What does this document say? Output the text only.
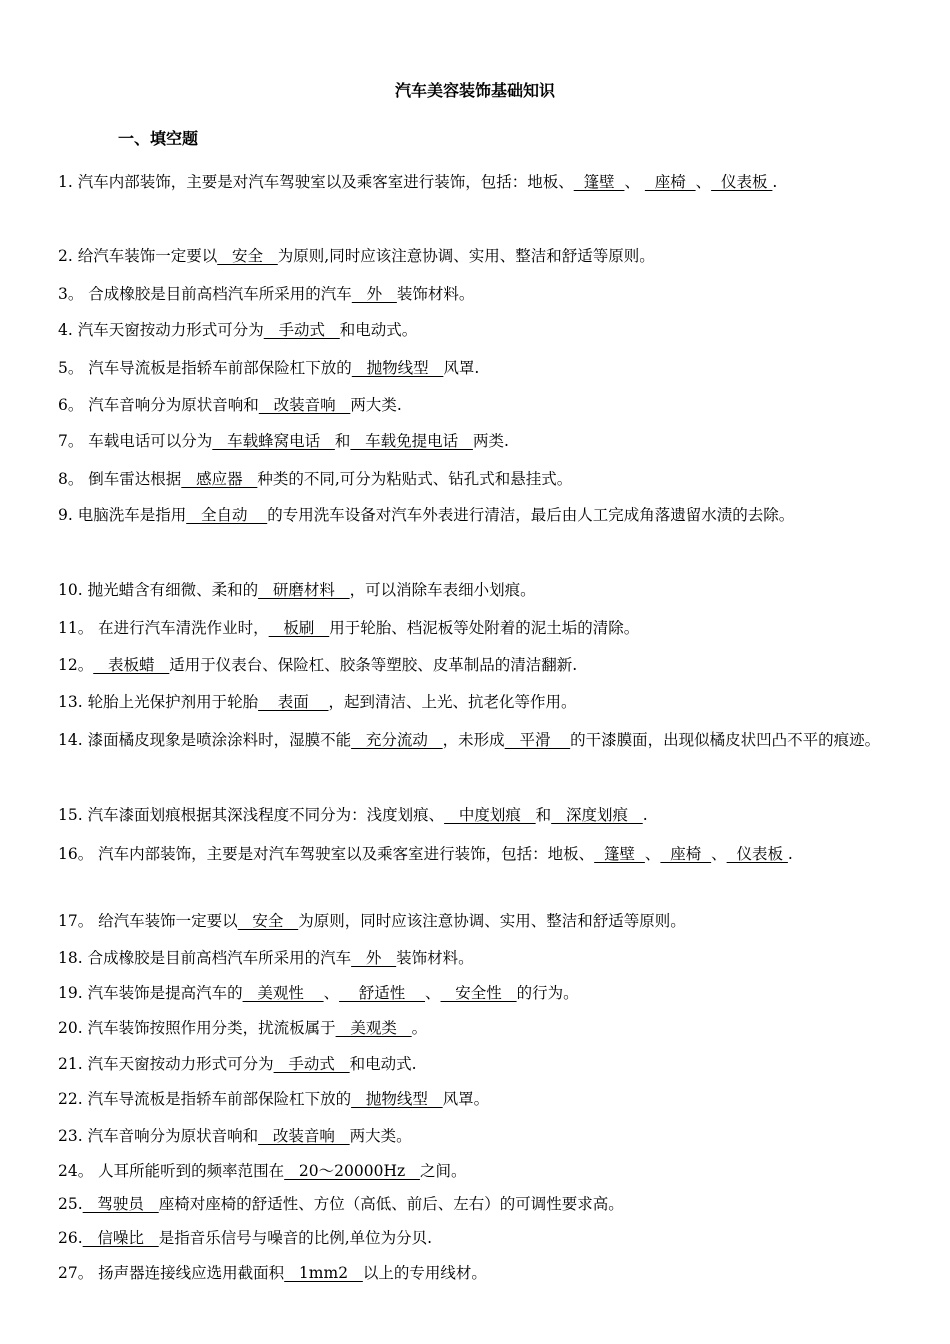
汽车美容装饰基础知识
一、填空题
1. 汽车内部装饰，主要是对汽车驾驶室以及乘客室进行装饰，包括：地板、  篷壁  、   座椅  、  仪表板 .
2. 给汽车装饰一定要以   安全   为原则,同时应该注意协调、实用、整洁和舒适等原则。
3。 合成橡胶是目前高档汽车所采用的汽车   外   装饰材料。
4. 汽车天窗按动力形式可分为   手动式   和电动式。
5。 汽车导流板是指轿车前部保险杠下放的   抛物线型   风罩.
6。 汽车音响分为原状音响和   改装音响   两大类.
7。 车载电话可以分为   车载蜂窝电话   和   车载免提电话   两类.
8。 倒车雷达根据   感应器   种类的不同,可分为粘贴式、钻孔式和悬挂式。
9. 电脑洗车是指用   全自动    的专用洗车设备对汽车外表进行清洁，最后由人工完成角落遗留水渍的去除。
10. 抛光蜡含有细微、柔和的   研磨材料   ，可以消除车表细小划痕。
11。 在进行汽车清洗作业时，   板刷   用于轮胎、档泥板等处附着的泥土垢的清除。
12。   表板蜡   适用于仪表台、保险杠、胶条等塑胶、皮革制品的清洁翻新.
13. 轮胎上光保护剂用于轮胎    表面    ，起到清洁、上光、抗老化等作用。
14. 漆面橘皮现象是喷涂涂料时，湿膜不能   充分流动   ，未形成   平滑    的干漆膜面，出现似橘皮状凹凸不平的痕迹。
15. 汽车漆面划痕根据其深浅程度不同分为：浅度划痕、   中度划痕   和   深度划痕   .
16。 汽车内部装饰，主要是对汽车驾驶室以及乘客室进行装饰，包括：地板、  篷壁  、  座椅  、  仪表板 .
17。 给汽车装饰一定要以   安全   为原则，同时应该注意协调、实用、整洁和舒适等原则。
18. 合成橡胶是目前高档汽车所采用的汽车   外   装饰材料。
19. 汽车装饰是提高汽车的   美观性    、    舒适性    、   安全性   的行为。
20. 汽车装饰按照作用分类，扰流板属于   美观类   。
21. 汽车天窗按动力形式可分为   手动式   和电动式.
22. 汽车导流板是指轿车前部保险杠下放的   抛物线型   风罩。
23. 汽车音响分为原状音响和   改装音响   两大类。
24。 人耳所能听到的频率范围在   20～20000Hz   之间。
25.   驾驶员   座椅对座椅的舒适性、方位（高低、前后、左右）的可调性要求高。
26.   信噪比   是指音乐信号与噪音的比例,单位为分贝.
27。 扬声器连接线应选用截面积   1mm2   以上的专用线材。
